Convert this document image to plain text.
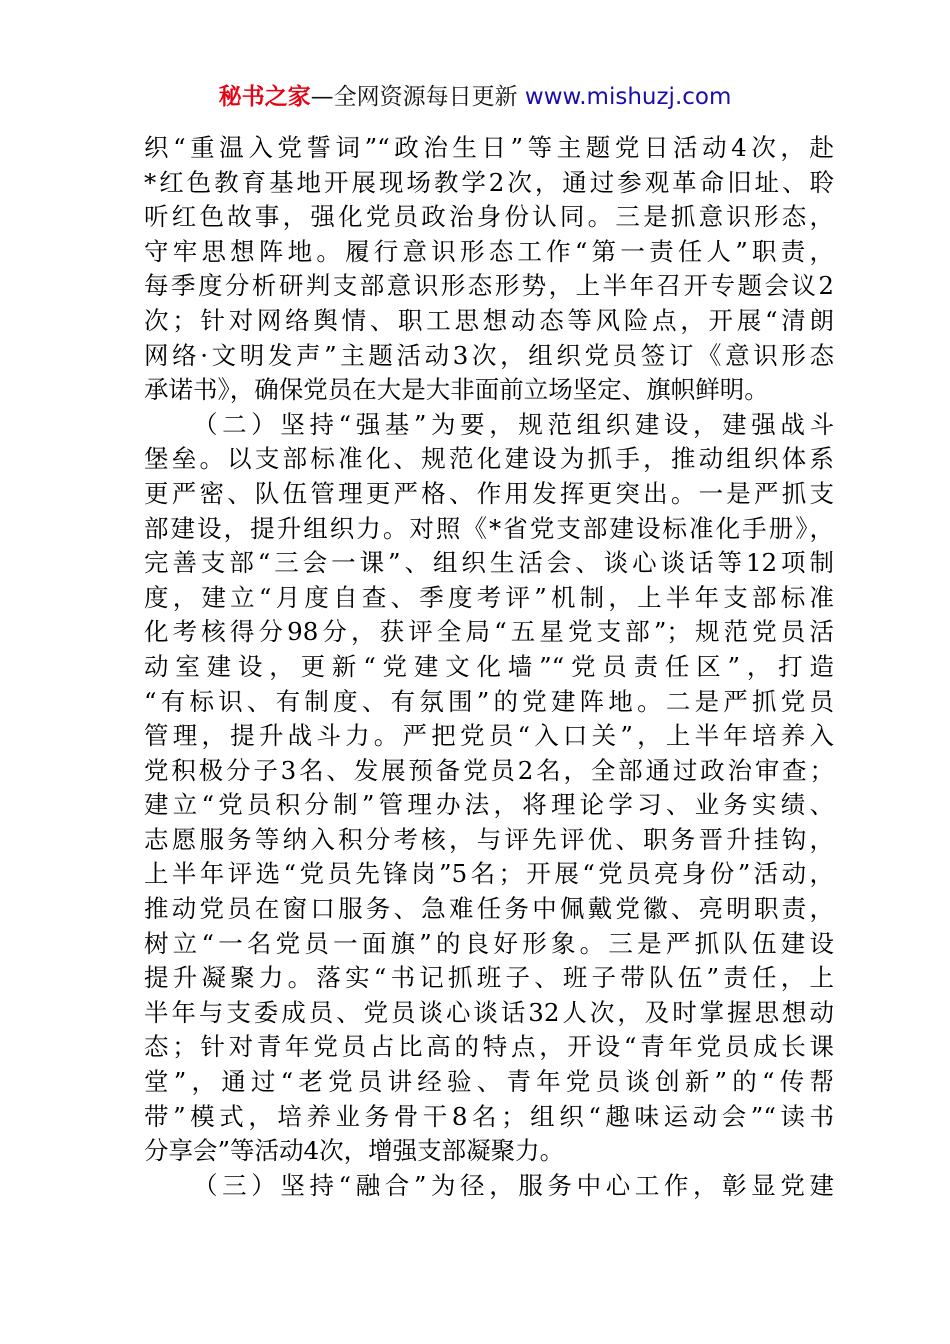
秘书之家—全网资源每日更新 www.mishuzj.com
织“重温入党誓词”“政治生日”等主题党日活动4次，赴
*红色教育基地开展现场教学2次，通过参观革命旧址、聆
听红色故事，强化党员政治身份认同。三是抓意识形态，
守牢思想阵地。履行意识形态工作“第一责任人”职责，
每季度分析研判支部意识形态形势，上半年召开专题会议2
次；针对网络舆情、职工思想动态等风险点，开展“清朗
网络·文明发声”主题活动3次，组织党员签订《意识形态
承诺书》，确保党员在大是大非面前立场坚定、旗帜鲜明。
（二）坚持“强基”为要，规范组织建设，建强战斗
堡垒。以支部标准化、规范化建设为抓手，推动组织体系
更严密、队伍管理更严格、作用发挥更突出。一是严抓支
部建设，提升组织力。对照《*省党支部建设标准化手册》，
完善支部“三会一课”、组织生活会、谈心谈话等12项制
度，建立“月度自查、季度考评”机制，上半年支部标准
化考核得分98分，获评全局“五星党支部”；规范党员活
动室建设，更新“党建文化墙”“党员责任区”，打造
“有标识、有制度、有氛围”的党建阵地。二是严抓党员
管理，提升战斗力。严把党员“入口关”，上半年培养入
党积极分子3名、发展预备党员2名，全部通过政治审查；
建立“党员积分制”管理办法，将理论学习、业务实绩、
志愿服务等纳入积分考核，与评先评优、职务晋升挂钩，
上半年评选“党员先锋岗”5名；开展“党员亮身份”活动，
推动党员在窗口服务、急难任务中佩戴党徽、亮明职责，
树立“一名党员一面旗”的良好形象。三是严抓队伍建设
提升凝聚力。落实“书记抓班子、班子带队伍”责任，上
半年与支委成员、党员谈心谈话32人次，及时掌握思想动
态；针对青年党员占比高的特点，开设“青年党员成长课
堂”，通过“老党员讲经验、青年党员谈创新”的“传帮
带”模式，培养业务骨干8名；组织“趣味运动会”“读书
分享会”等活动4次，增强支部凝聚力。
（三）坚持“融合”为径，服务中心工作，彰显党建
